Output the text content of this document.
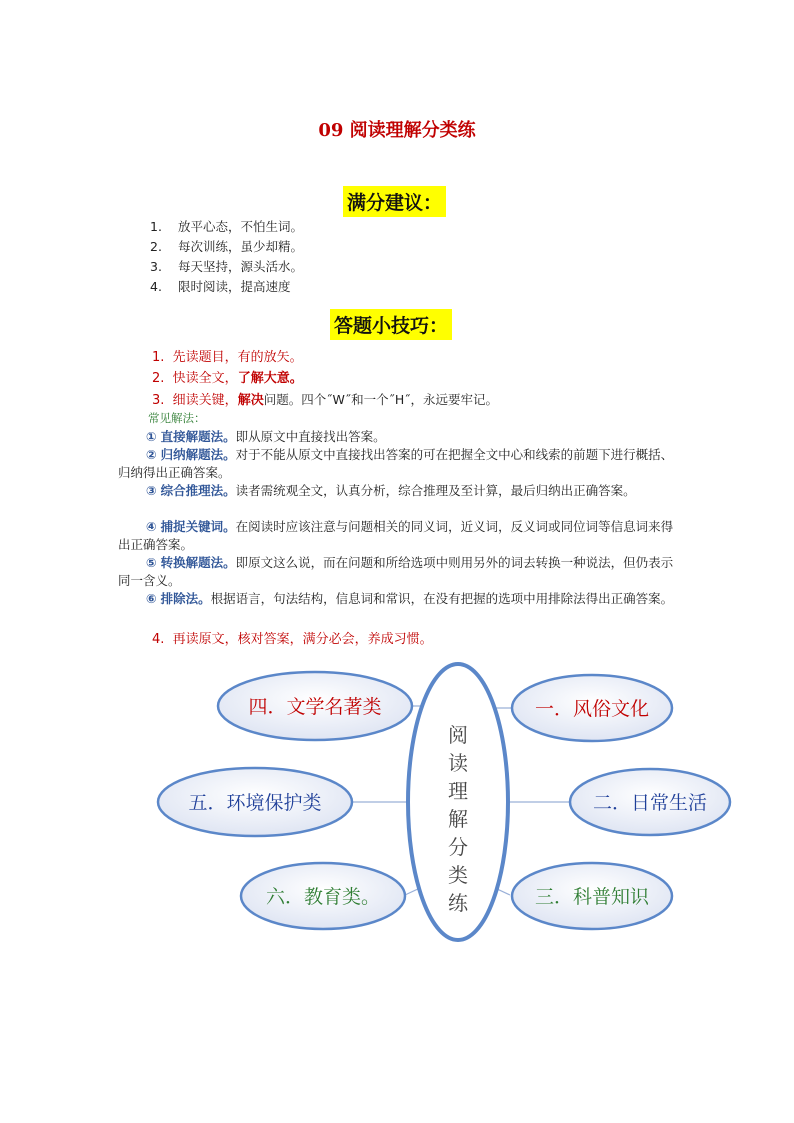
09 阅读理解分类练
满分建议：
1. 放平心态，不怕生词。
2. 每次训练，虽少却精。
3. 每天坚持，源头活水。
4. 限时阅读，提高速度
答题小技巧：
1. 先读题目，有的放矢。
2. 快读全文，了解大意。
3. 细读关键，解决问题。四个˝W˝和一个˝H˝，永远要牢记。
常见解法：
① 直接解题法。即从原文中直接找出答案。
② 归纳解题法。对于不能从原文中直接找出答案的可在把握全文中心和线索的前题下进行概括、归纳得出正确答案。
③ 综合推理法。读者需统观全文，认真分析，综合推理及至计算，最后归纳出正确答案。
④ 捕捉关键词。在阅读时应该注意与问题相关的同义词，近义词，反义词或同位词等信息词来得出正确答案。
⑤ 转换解题法。即原文这么说，而在问题和所给选项中则用另外的词去转换一种说法，但仍表示同一含义。
⑥ 排除法。根据语言，句法结构，信息词和常识，在没有把握的选项中用排除法得出正确答案。
4. 再读原文，核对答案，满分必会，养成习惯。
阅
读
理
解
分
类
练
四．文学名著类	一．风俗文化
五．环境保护类	二．日常生活
六．教育类。	三．科普知识
